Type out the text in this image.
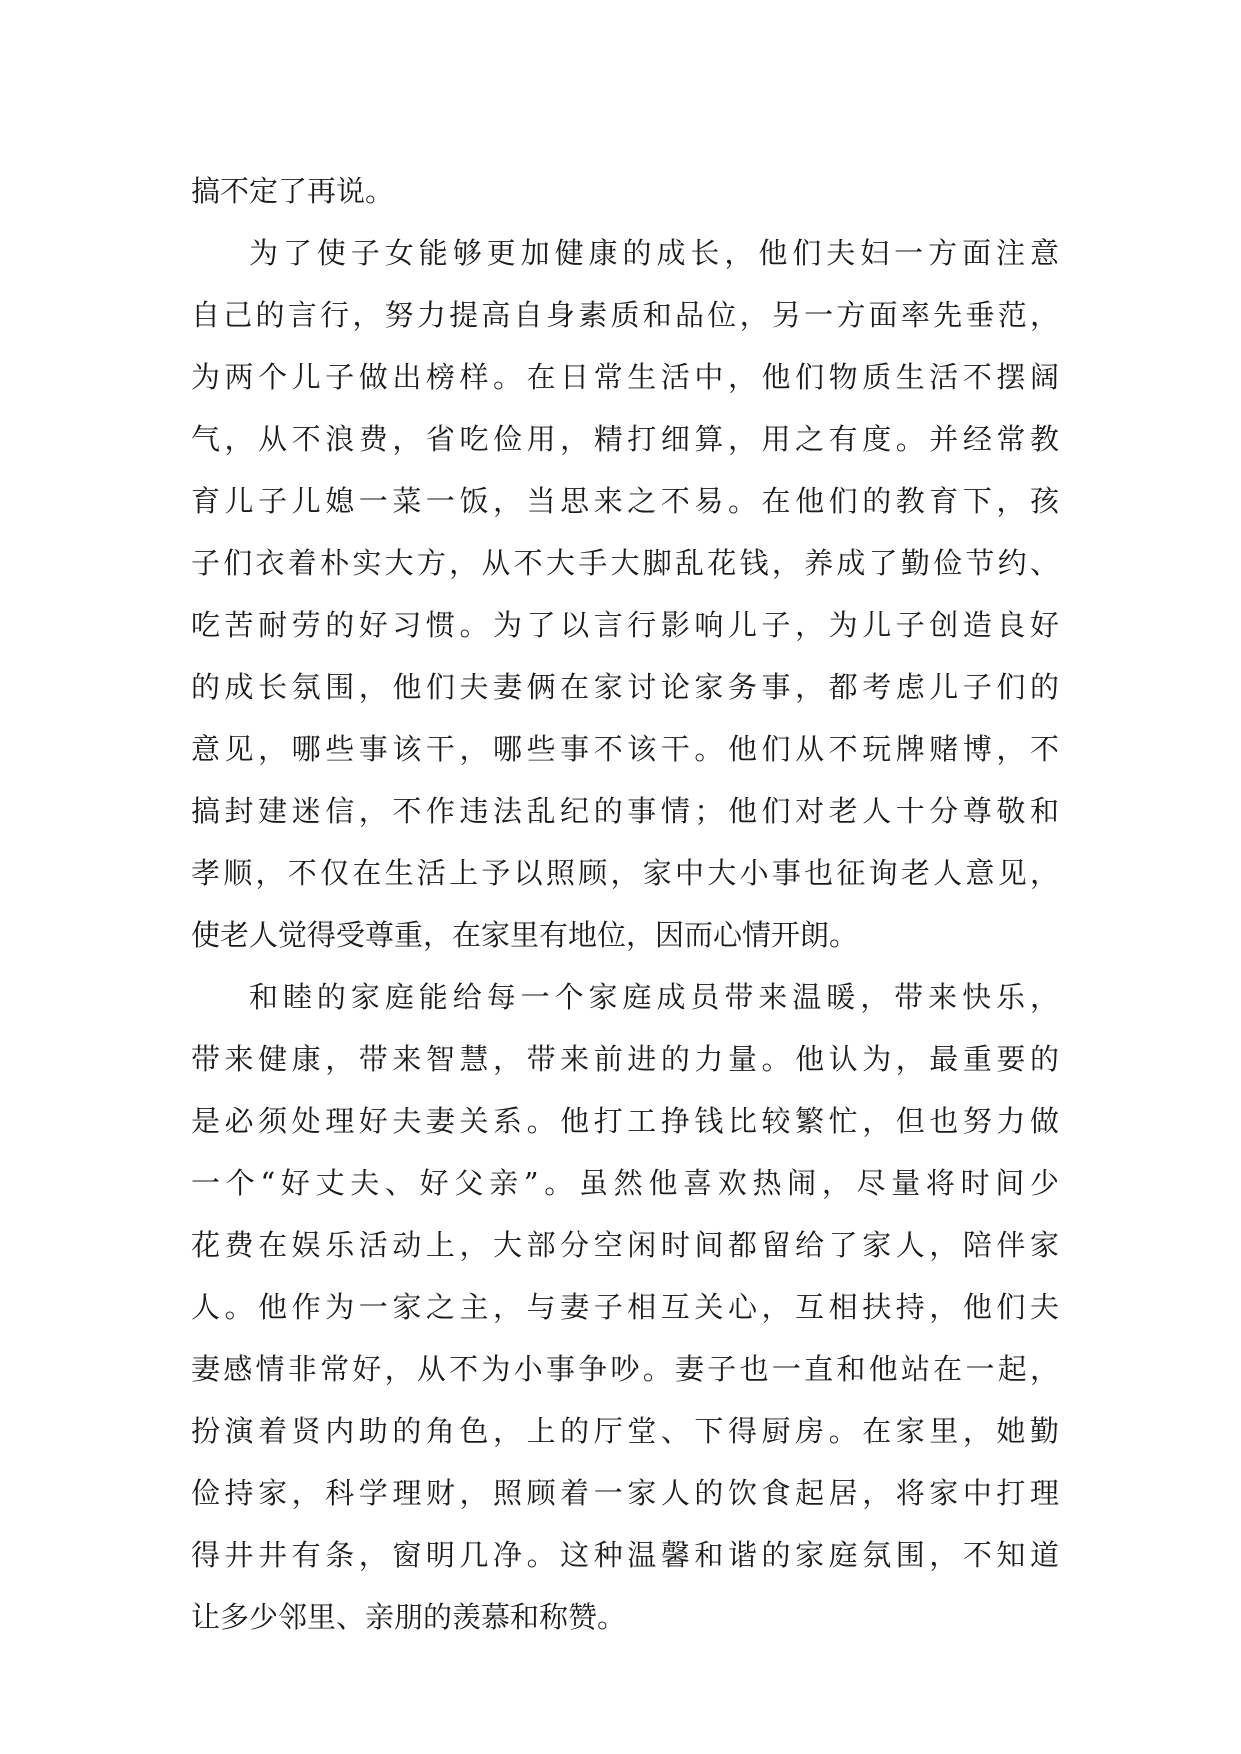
搞不定了再说。
为了使子女能够更加健康的成长，他们夫妇一方面注意
自己的言行，努力提高自身素质和品位，另一方面率先垂范，
为两个儿子做出榜样。在日常生活中，他们物质生活不摆阔
气，从不浪费，省吃俭用，精打细算，用之有度。并经常教
育儿子儿媳一菜一饭，当思来之不易。在他们的教育下，孩
子们衣着朴实大方，从不大手大脚乱花钱，养成了勤俭节约、
吃苦耐劳的好习惯。为了以言行影响儿子，为儿子创造良好
的成长氛围，他们夫妻俩在家讨论家务事，都考虑儿子们的
意见，哪些事该干，哪些事不该干。他们从不玩牌赌博，不
搞封建迷信，不作违法乱纪的事情；他们对老人十分尊敬和
孝顺，不仅在生活上予以照顾，家中大小事也征询老人意见，
使老人觉得受尊重，在家里有地位，因而心情开朗。
和睦的家庭能给每一个家庭成员带来温暖，带来快乐，
带来健康，带来智慧，带来前进的力量。他认为，最重要的
是必须处理好夫妻关系。他打工挣钱比较繁忙，但也努力做
一个“好丈夫、好父亲”。虽然他喜欢热闹，尽量将时间少
花费在娱乐活动上，大部分空闲时间都留给了家人，陪伴家
人。他作为一家之主，与妻子相互关心，互相扶持，他们夫
妻感情非常好，从不为小事争吵。妻子也一直和他站在一起，
扮演着贤内助的角色，上的厅堂、下得厨房。在家里，她勤
俭持家，科学理财，照顾着一家人的饮食起居，将家中打理
得井井有条，窗明几净。这种温馨和谐的家庭氛围，不知道
让多少邻里、亲朋的羡慕和称赞。
